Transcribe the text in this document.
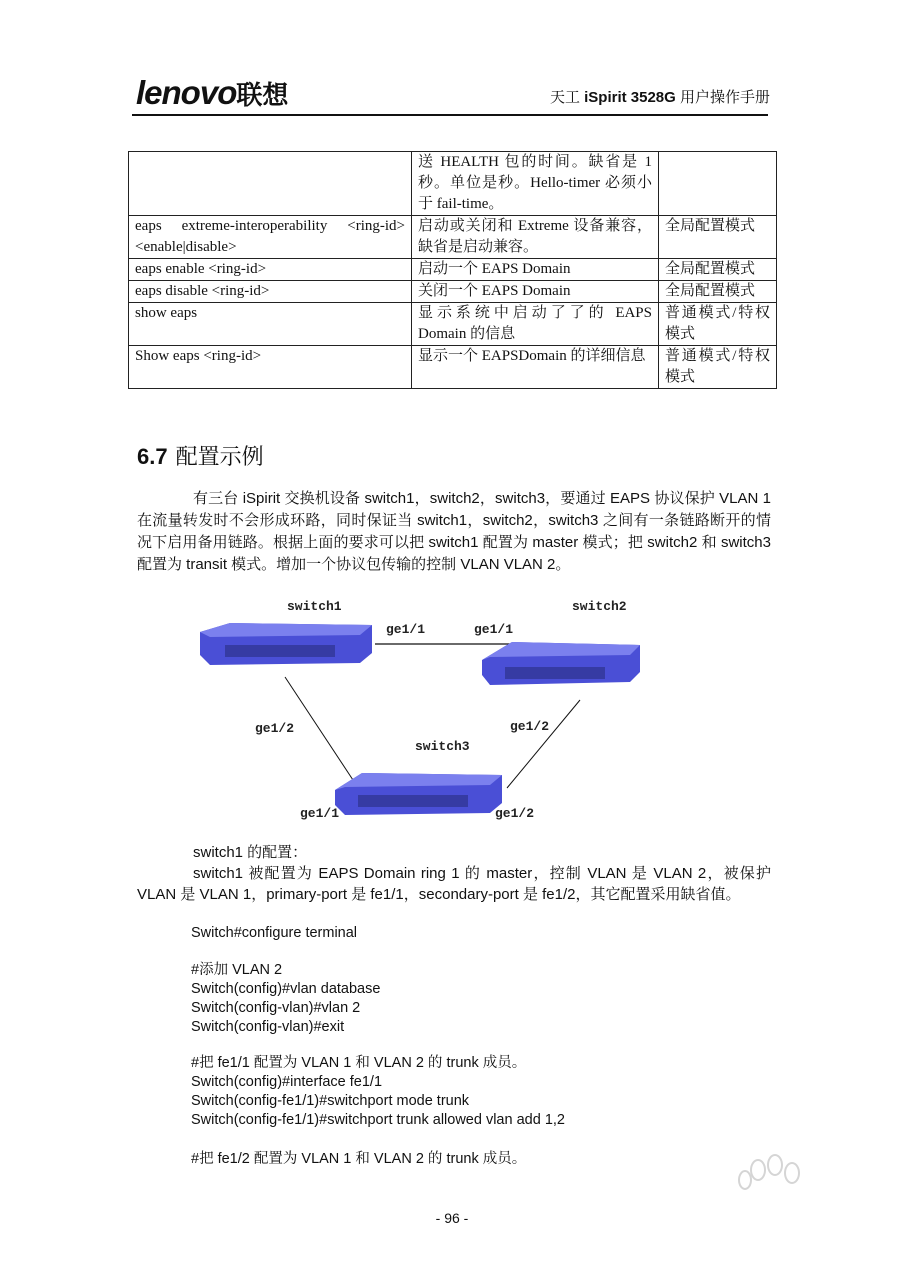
lenovo联想	天工 iSpirit 3528G 用户操作手册
	送 HEALTH 包的时间。缺省是 1 秒。单位是秒。Hello-timer 必须小于 fail-time。	
eaps extreme-interoperability <ring-id> <enable|disable>	启动或关闭和 Extreme 设备兼容，缺省是启动兼容。	全局配置模式
eaps enable <ring-id>	启动一个 EAPS Domain	全局配置模式
eaps disable <ring-id>	关闭一个 EAPS Domain	全局配置模式
show eaps	显示系统中启动了了的 EAPS Domain 的信息	普通模式/特权模式
Show eaps <ring-id>	显示一个 EAPSDomain 的详细信息	普通模式/特权模式
6.7 配置示例
有三台 iSpirit 交换机设备 switch1，switch2，switch3，要通过 EAPS 协议保护 VLAN 1 在流量转发时不会形成环路，同时保证当 switch1，switch2，switch3 之间有一条链路断开的情况下启用备用链路。根据上面的要求可以把 switch1 配置为 master 模式；把 switch2 和 switch3 配置为 transit 模式。增加一个协议包传输的控制 VLAN VLAN 2。
switch1	switch2
switch3
ge1/1	ge1/1
ge1/2	ge1/2
ge1/1	ge1/2
switch1 的配置：
switch1 被配置为 EAPS Domain ring 1 的 master，控制 VLAN 是 VLAN 2，被保护 VLAN 是 VLAN 1，primary-port 是 fe1/1，secondary-port 是 fe1/2，其它配置采用缺省值。
Switch#configure terminal
#添加 VLAN 2
Switch(config)#vlan database
Switch(config-vlan)#vlan 2
Switch(config-vlan)#exit
#把 fe1/1 配置为 VLAN 1 和 VLAN 2 的 trunk 成员。
Switch(config)#interface fe1/1
Switch(config-fe1/1)#switchport mode trunk
Switch(config-fe1/1)#switchport trunk allowed vlan add 1,2
#把 fe1/2 配置为 VLAN 1 和 VLAN 2 的 trunk 成员。
- 96 -
